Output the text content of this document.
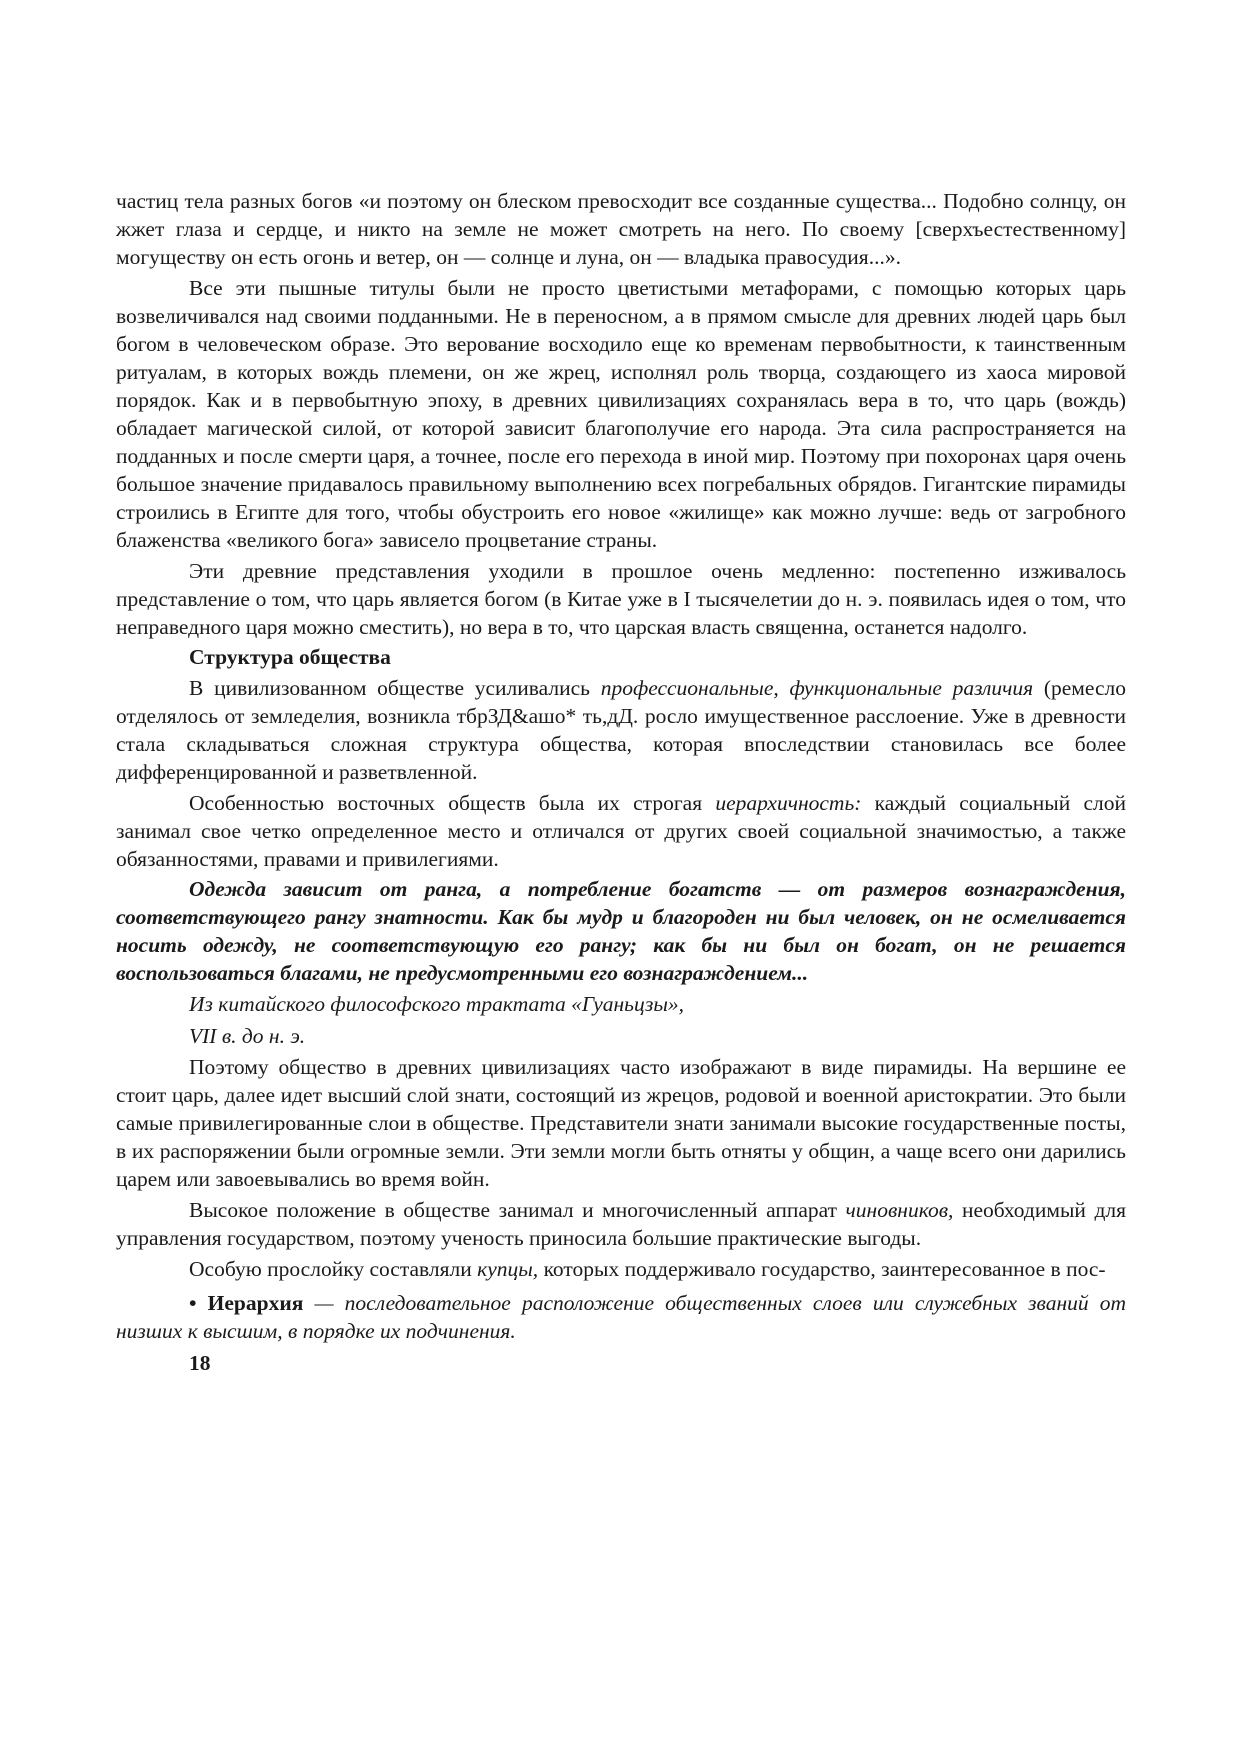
частиц тела разных богов «и поэтому он блеском превосходит все созданные существа... Подобно солнцу, он жжет глаза и сердце, и никто на земле не может смотреть на него. По своему [сверхъестественному] могуществу он есть огонь и ветер, он — солнце и луна, он — владыка правосудия...».

Все эти пышные титулы были не просто цветистыми метафорами, с помощью которых царь возвеличивался над своими подданными. Не в переносном, а в прямом смысле для древних людей царь был богом в человеческом образе. Это верование восходило еще ко временам первобытности, к таинственным ритуалам, в которых вождь племени, он же жрец, исполнял роль творца, создающего из хаоса мировой порядок. Как и в первобытную эпоху, в древних цивилизациях сохранялась вера в то, что царь (вождь) обладает магической силой, от которой зависит благополучие его народа. Эта сила распространяется на подданных и после смерти царя, а точнее, после его перехода в иной мир. Поэтому при похоронах царя очень большое значение придавалось правильному выполнению всех погребальных обрядов. Гигантские пирамиды строились в Египте для того, чтобы обустроить его новое «жилище» как можно лучше: ведь от загробного блаженства «великого бога» зависело процветание страны.

Эти древние представления уходили в прошлое очень медленно: постепенно изживалось представление о том, что царь является богом (в Китае уже в I тысячелетии до н. э. появилась идея о том, что неправедного царя можно сместить), но вера в то, что царская власть священна, останется надолго.

Структура общества

В цивилизованном обществе усиливались профессиональные, функциональные различия (ремесло отделялось от земледелия, возникла тбрЗД&ашо* ть,дД. росло имущественное расслоение. Уже в древности стала складываться сложная структура общества, которая впоследствии становилась все более дифференцированной и разветвленной.

Особенностью восточных обществ была их строгая иерархичность: каждый социальный слой занимал свое четко определенное место и отличался от других своей социальной значимостью, а также обязанностями, правами и привилегиями.

Одежда зависит от ранга, а потребление богатств — от размеров вознаграждения, соответствующего рангу знатности. Как бы мудр и благороден ни был человек, он не осмеливается носить одежду, не соответствующую его рангу; как бы ни был он богат, он не решается воспользоваться благами, не предусмотренными его вознаграждением...

Из китайского философского трактата «Гуаньцзы»,

VII в. до н. э.

Поэтому общество в древних цивилизациях часто изображают в виде пирамиды. На вершине ее стоит царь, далее идет высший слой знати, состоящий из жрецов, родовой и военной аристократии. Это были самые привилегированные слои в обществе. Представители знати занимали высокие государственные посты, в их распоряжении были огромные земли. Эти земли могли быть отняты у общин, а чаще всего они дарились царем или завоевывались во время войн.

Высокое положение в обществе занимал и многочисленный аппарат чиновников, необходимый для управления государством, поэтому ученость приносила большие практические выгоды.

Особую прослойку составляли купцы, которых поддерживало государство, заинтересованное в пос-

• Иерархия — последовательное расположение общественных слоев или служебных званий от низших к высшим, в порядке их подчинения.

18
